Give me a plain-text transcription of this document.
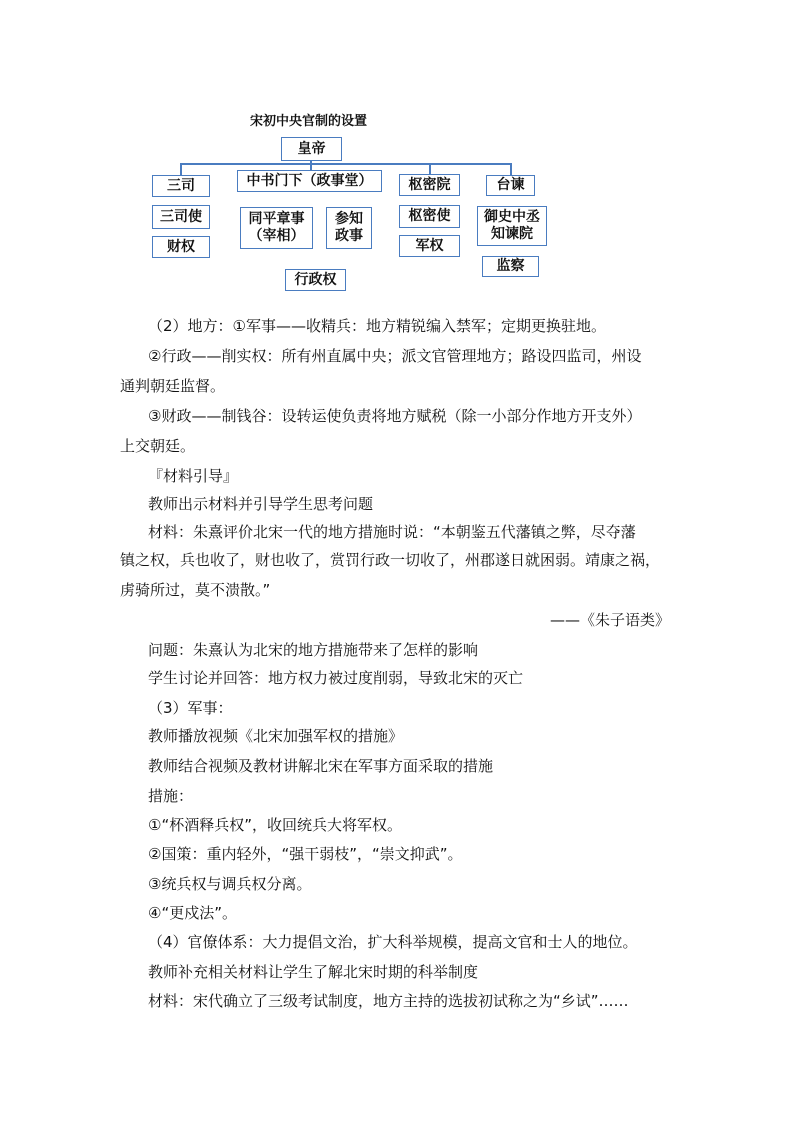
宋初中央官制的设置
皇帝
三司
三司使
财权
中书门下（政事堂）
同平章事
（宰相）
参知
政事
行政权
枢密院
枢密使
军权
台谏
御史中丞
知谏院
监察
（2）地方：①军事——收精兵：地方精锐编入禁军；定期更换驻地。
②行政——削实权：所有州直属中央；派文官管理地方；路设四监司，州设
通判朝廷监督。
③财政——制钱谷：设转运使负责将地方赋税（除一小部分作地方开支外）
上交朝廷。
『材料引导』
教师出示材料并引导学生思考问题
材料：朱熹评价北宋一代的地方措施时说：“本朝鉴五代藩镇之弊，尽夺藩
镇之权，兵也收了，财也收了，赏罚行政一切收了，州郡遂日就困弱。靖康之祸，
虏骑所过，莫不溃散。”
——《朱子语类》
问题：朱熹认为北宋的地方措施带来了怎样的影响
学生讨论并回答：地方权力被过度削弱，导致北宋的灭亡
（3）军事：
教师播放视频《北宋加强军权的措施》
教师结合视频及教材讲解北宋在军事方面采取的措施
措施：
①“杯酒释兵权”，收回统兵大将军权。
②国策：重内轻外，“强干弱枝”，“崇文抑武”。
③统兵权与调兵权分离。
④“更戍法”。
（4）官僚体系：大力提倡文治，扩大科举规模，提高文官和士人的地位。
教师补充相关材料让学生了解北宋时期的科举制度
材料：宋代确立了三级考试制度，地方主持的选拔初试称之为“乡试”……
